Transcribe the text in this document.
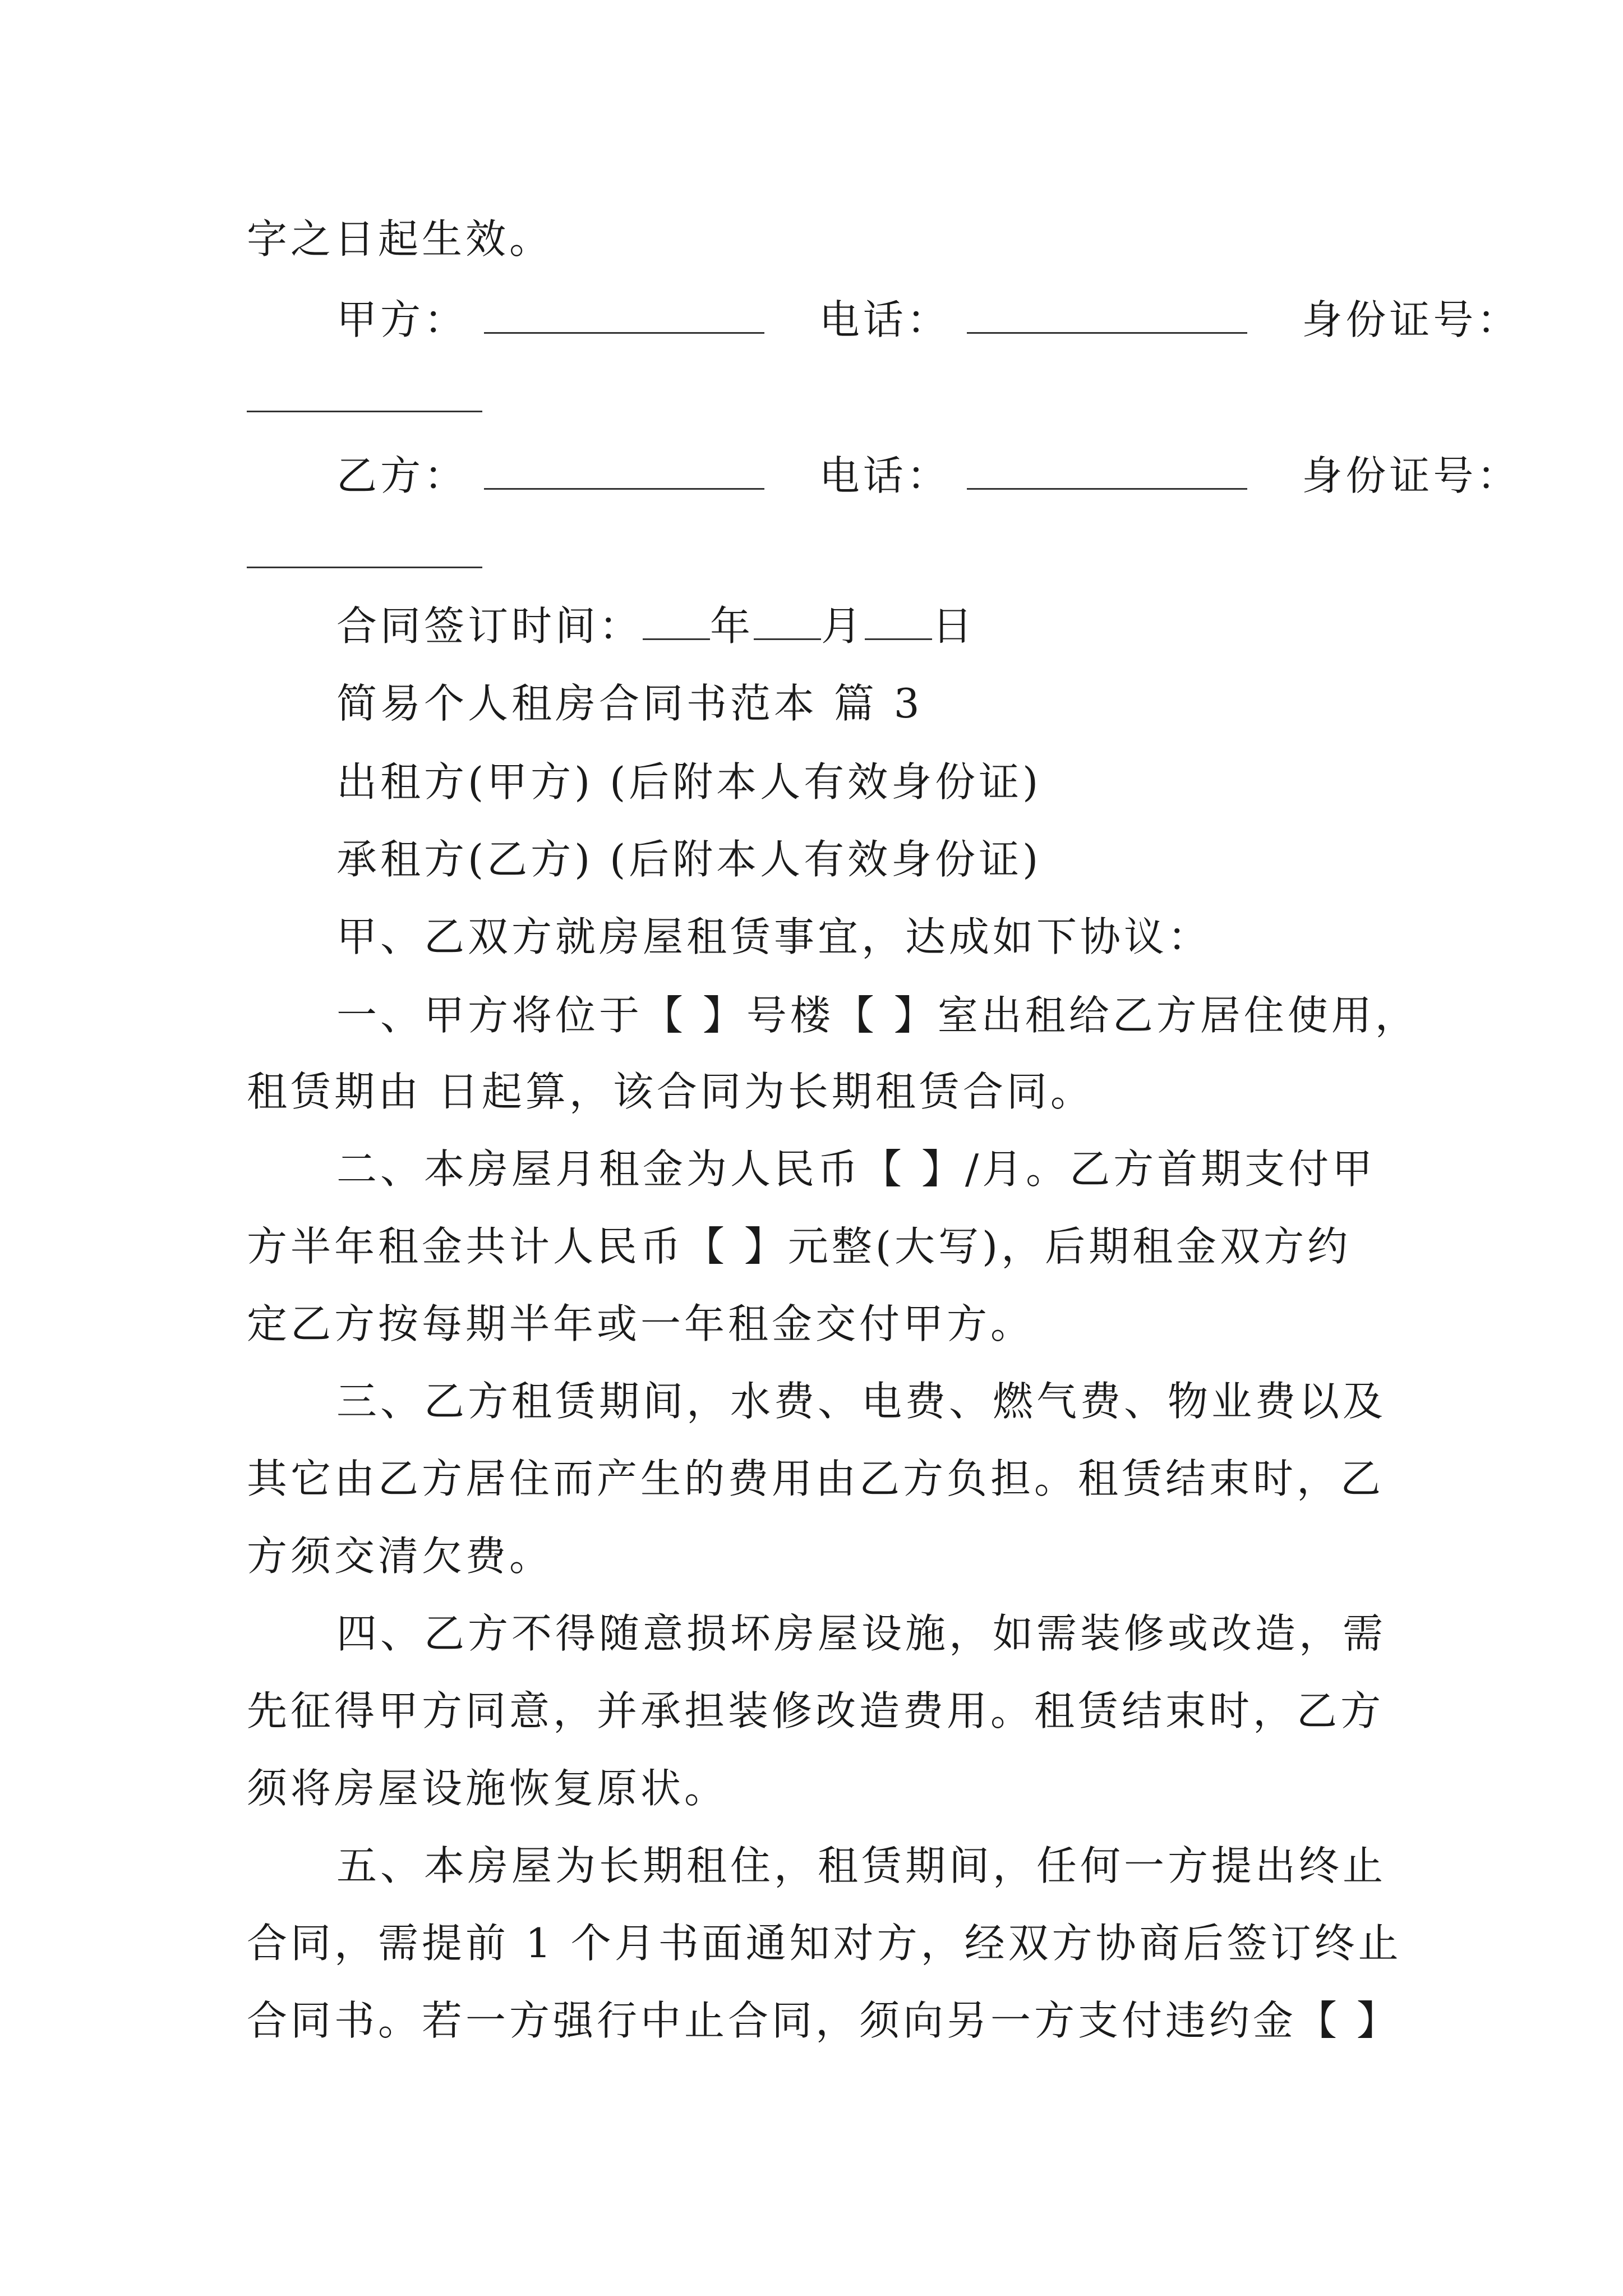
字之日起生效。
甲方：	电话：	身份证号：
乙方：	电话：	身份证号：
合同签订时间： 年 月 日
简易个人租房合同书范本 篇 3
出租方(甲方) (后附本人有效身份证)
承租方(乙方) (后附本人有效身份证)
甲、乙双方就房屋租赁事宜，达成如下协议：
一、甲方将位于【 】号楼【 】室出租给乙方居住使用，
租赁期由 日起算，该合同为长期租赁合同。
二、本房屋月租金为人民币【 】/月。乙方首期支付甲
方半年租金共计人民币【 】元整(大写)，后期租金双方约
定乙方按每期半年或一年租金交付甲方。
三、乙方租赁期间，水费、电费、燃气费、物业费以及
其它由乙方居住而产生的费用由乙方负担。租赁结束时，乙
方须交清欠费。
四、乙方不得随意损坏房屋设施，如需装修或改造，需
先征得甲方同意，并承担装修改造费用。租赁结束时，乙方
须将房屋设施恢复原状。
五、本房屋为长期租住，租赁期间，任何一方提出终止
合同，需提前 1 个月书面通知对方，经双方协商后签订终止
合同书。若一方强行中止合同，须向另一方支付违约金【 】
